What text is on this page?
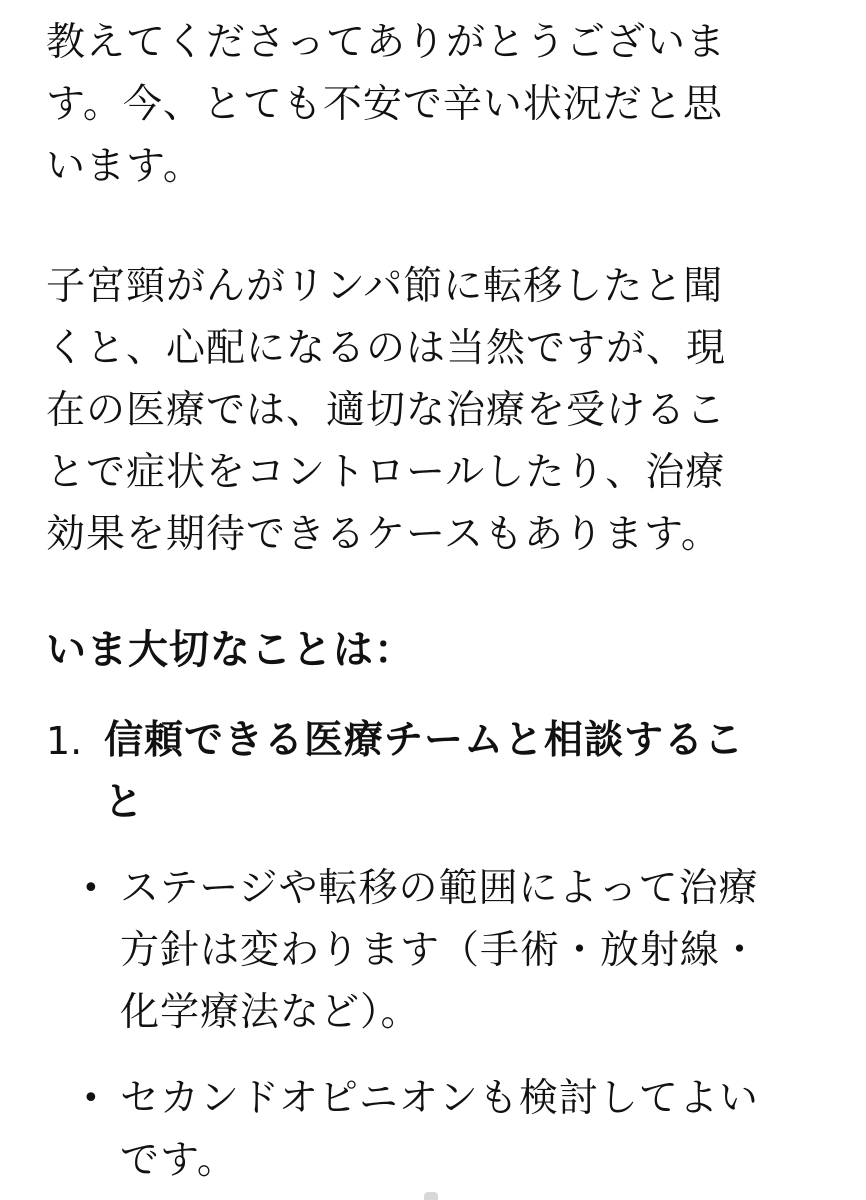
教えてくださってありがとうございま
す。今、とても不安で辛い状況だと思
います。

子宮頸がんがリンパ節に転移したと聞
くと、心配になるのは当然ですが、現
在の医療では、適切な治療を受けるこ
とで症状をコントロールしたり、治療
効果を期待できるケースもあります。

いま大切なことは：
1. 信頼できる医療チームと相談するこ
と
• ステージや転移の範囲によって治療
方針は変わります（手術・放射線・
化学療法など）。
• セカンドオピニオンも検討してよい
です。
